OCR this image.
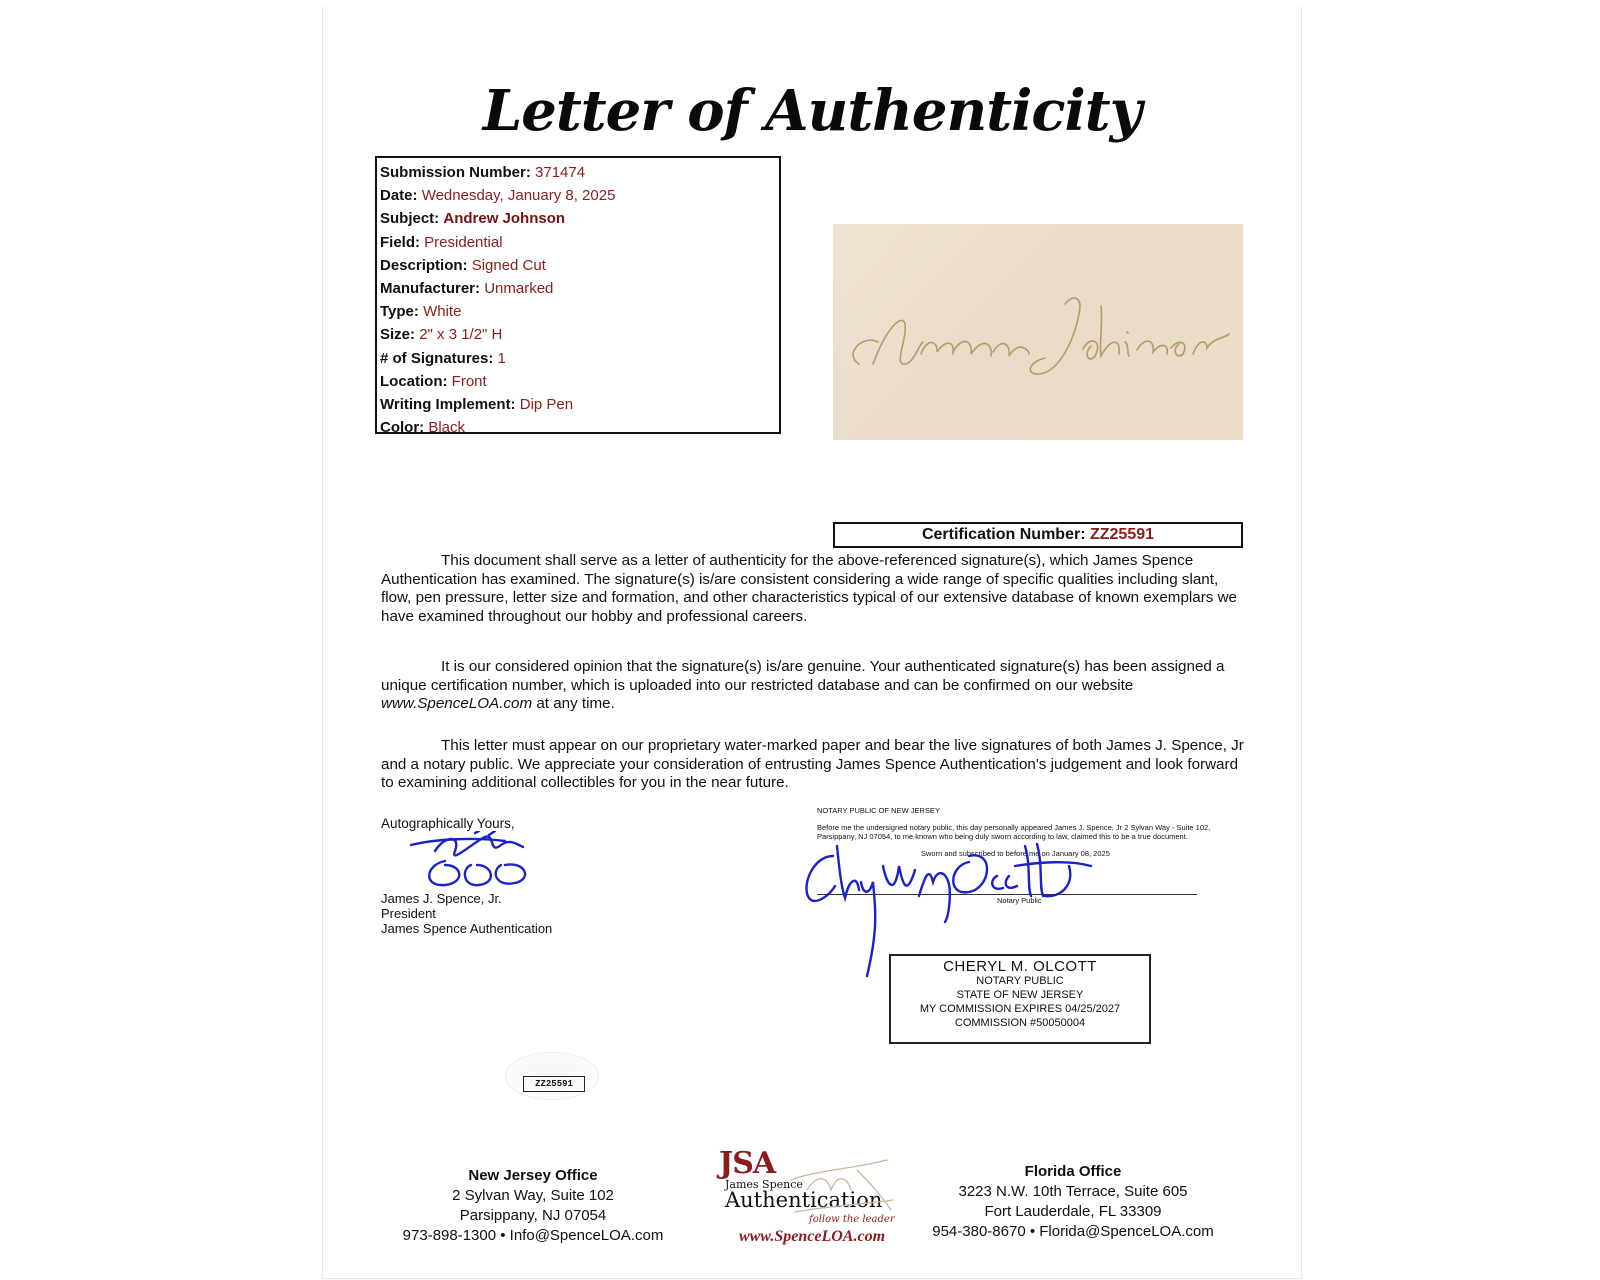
Letter of Authenticity
Submission Number: 371474
Date: Wednesday, January 8, 2025
Subject: Andrew Johnson
Field: Presidential
Description: Signed Cut
Manufacturer: Unmarked
Type: White
Size: 2" x 3 1/2" H
# of Signatures: 1
Location: Front
Writing Implement: Dip Pen
Color: Black
Certification Number: ZZ25591

This document shall serve as a letter of authenticity for the above-referenced signature(s), which James Spence Authentication has examined. The signature(s) is/are consistent considering a wide range of specific qualities including slant, flow, pen pressure, letter size and formation, and other characteristics typical of our extensive database of known exemplars we have examined throughout our hobby and professional careers.

It is our considered opinion that the signature(s) is/are genuine. Your authenticated signature(s) has been assigned a unique certification number, which is uploaded into our restricted database and can be confirmed on our website www.SpenceLOA.com at any time.

This letter must appear on our proprietary water-marked paper and bear the live signatures of both James J. Spence, Jr and a notary public. We appreciate your consideration of entrusting James Spence Authentication's judgement and look forward to examining additional collectibles for you in the near future.

Autographically Yours,
James J. Spence, Jr.
President
James Spence Authentication
NOTARY PUBLIC OF NEW JERSEY
Before me the undersigned notary public, this day personally appeared James J. Spence, Jr 2 Sylvan Way - Suite 102, Parsippany, NJ 07054, to me known who being duly sworn according to law, claimed this to be a true document.
Sworn and subscribed to before me on January 08, 2025
Notary Public
CHERYL M. OLCOTT
NOTARY PUBLIC
STATE OF NEW JERSEY
MY COMMISSION EXPIRES 04/25/2027
COMMISSION #50050004
ZZ25591
New Jersey Office
2 Sylvan Way, Suite 102
Parsippany, NJ 07054
973-898-1300 • Info@SpenceLOA.com
JSA
James Spence
Authentication
follow the leader
www.SpenceLOA.com
Florida Office
3223 N.W. 10th Terrace, Suite 605
Fort Lauderdale, FL 33309
954-380-8670 • Florida@SpenceLOA.com
